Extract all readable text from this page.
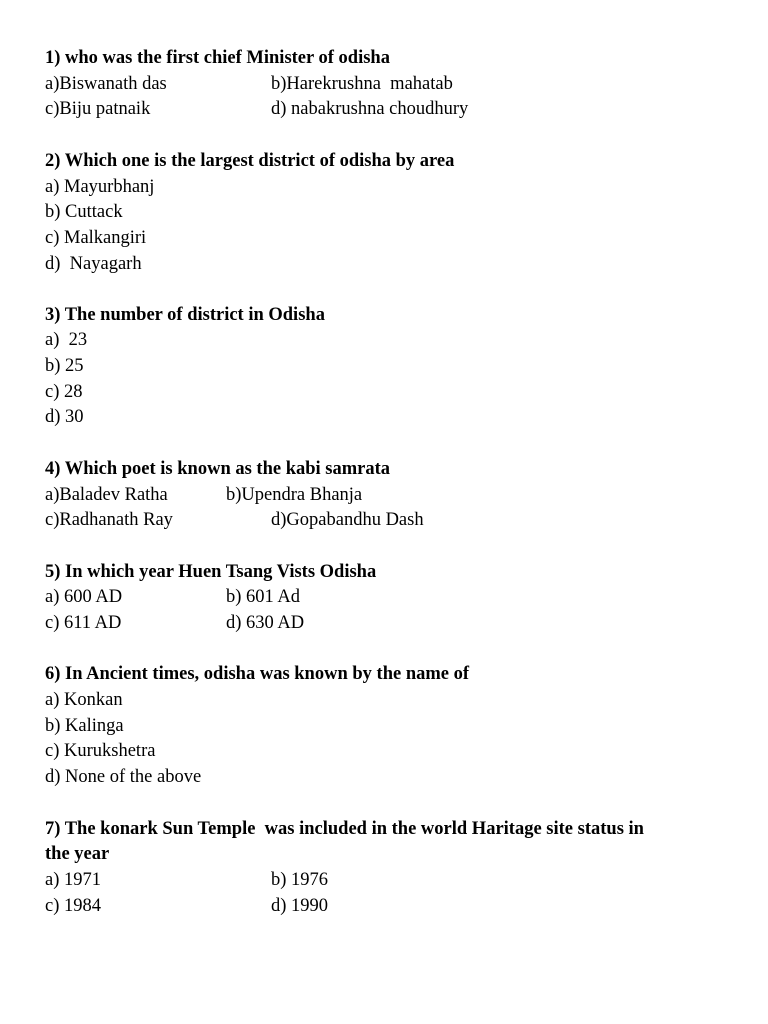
1) who was the first chief Minister of odisha
a)Biswanath das	b)Harekrushna  mahatab
c)Biju patnaik	d) nabakrushna choudhury
2) Which one is the largest district of odisha by area
a) Mayurbhanj
b) Cuttack
c) Malkangiri
d)  Nayagarh
3) The number of district in Odisha
a)  23
b) 25
c) 28
d) 30
4) Which poet is known as the kabi samrata
a)Baladev Ratha	b)Upendra Bhanja
c)Radhanath Ray	d)Gopabandhu Dash
5) In which year Huen Tsang Vists Odisha
a) 600 AD	b) 601 Ad
c) 611 AD	d) 630 AD
6) In Ancient times, odisha was known by the name of
a) Konkan
b) Kalinga
c) Kurukshetra
d) None of the above
7) The konark Sun Temple  was included in the world Haritage site status in
the year
a) 1971	b) 1976
c) 1984	d) 1990
